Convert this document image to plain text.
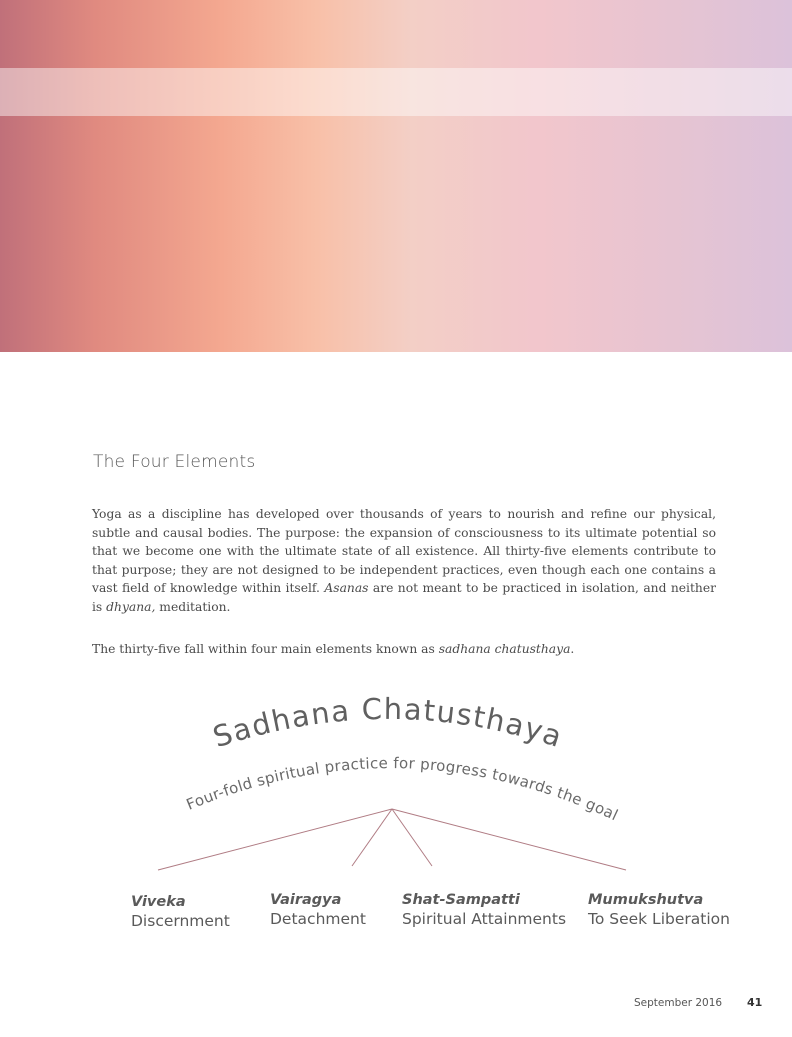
The Four Elements

Yoga as a discipline has developed over thousands of years to nourish and refine our physical, subtle and causal bodies. The purpose: the expansion of consciousness to its ultimate potential so that we become one with the ultimate state of all existence. All thirty-five elements contribute to that purpose; they are not designed to be independent practices, even though each one contains a vast field of knowledge within itself. Asanas are not meant to be practiced in isolation, and neither is dhyana, meditation.

The thirty-five fall within four main elements known as sadhana chatusthaya.

Sadhana Chatusthaya
Four-fold spiritual practice for progress towards the goal
Viveka
Discernment
Vairagya
Detachment
Shat-Sampatti
Spiritual Attainments
Mumukshutva
To Seek Liberation
September 2016 41
